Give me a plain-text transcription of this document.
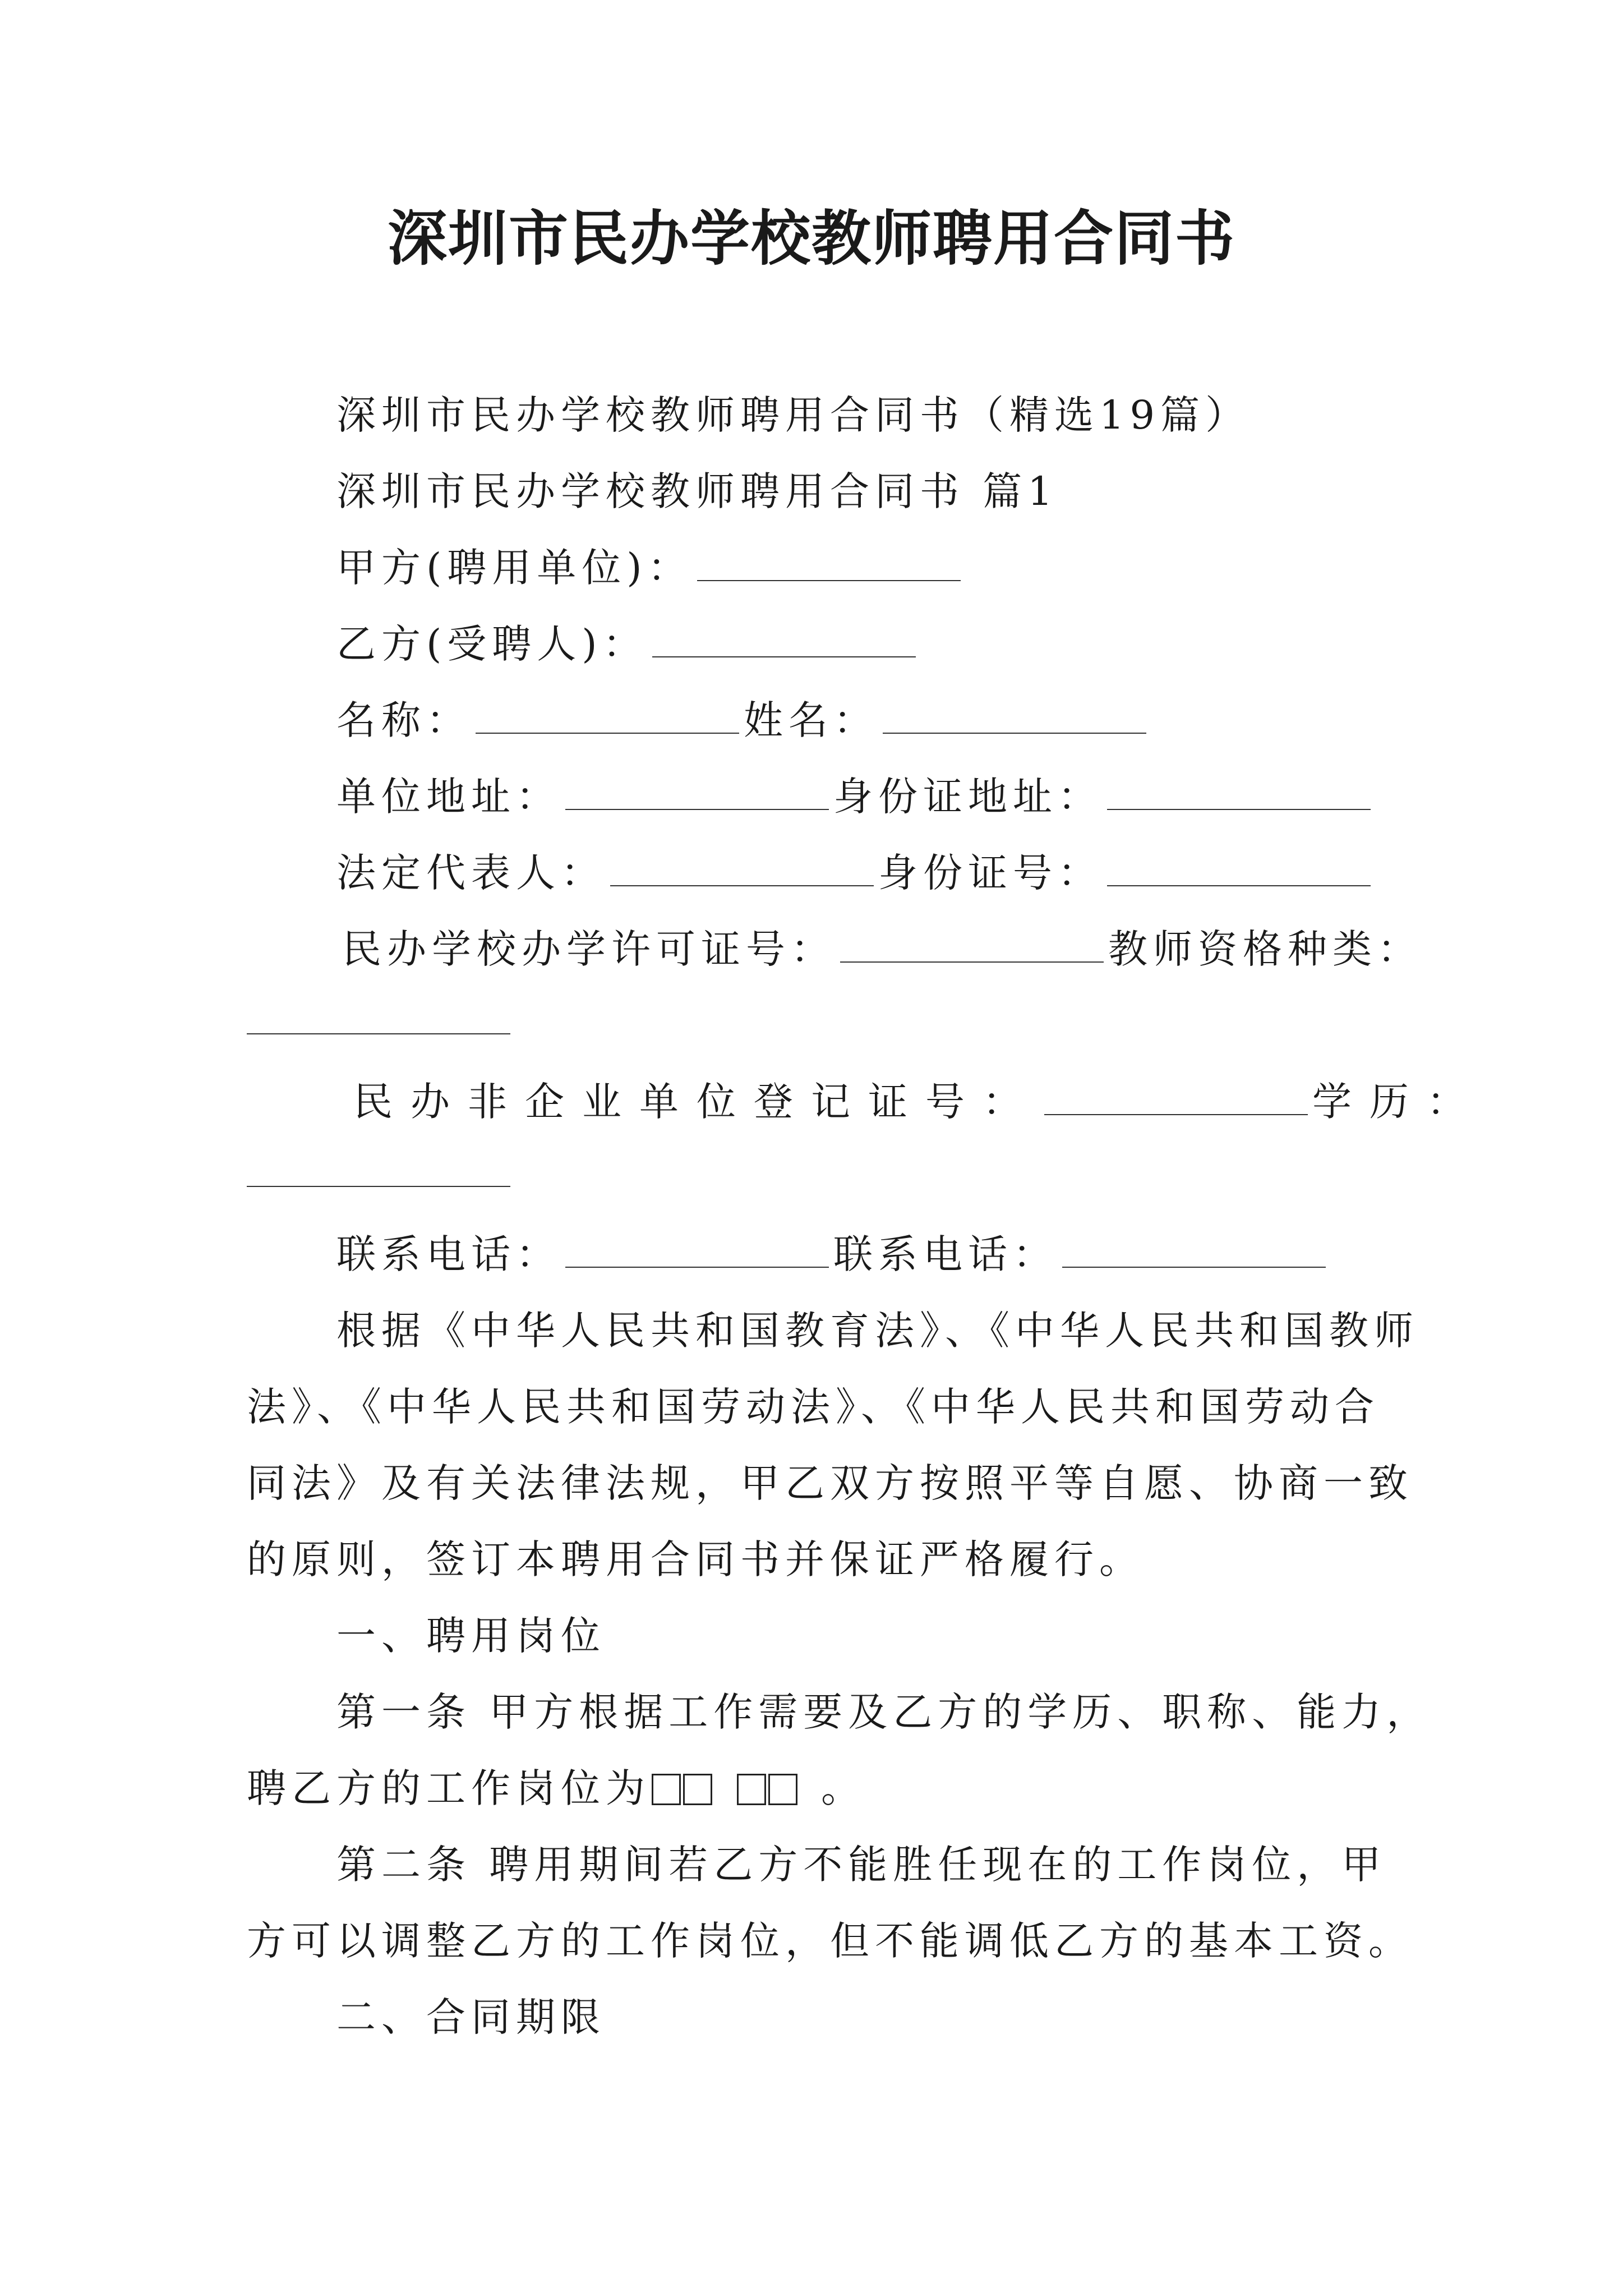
深圳市民办学校教师聘用合同书
深圳市民办学校教师聘用合同书（精选19篇）
深圳市民办学校教师聘用合同书 篇1
甲方(聘用单位)：
乙方(受聘人)：
名称：	姓名：
单位地址：	身份证地址：
法定代表人：	身份证号：
民办学校办学许可证号：	教师资格种类：
民办非企业单位登记证号：	学历：
联系电话：	联系电话：
根据《中华人民共和国教育法》、《中华人民共和国教师
法》、《中华人民共和国劳动法》、《中华人民共和国劳动合
同法》及有关法律法规，甲乙双方按照平等自愿、协商一致
的原则，签订本聘用合同书并保证严格履行。
一、聘用岗位
第一条 甲方根据工作需要及乙方的学历、职称、能力，
聘乙方的工作岗位为	。
第二条 聘用期间若乙方不能胜任现在的工作岗位，甲
方可以调整乙方的工作岗位，但不能调低乙方的基本工资。
二、合同期限
